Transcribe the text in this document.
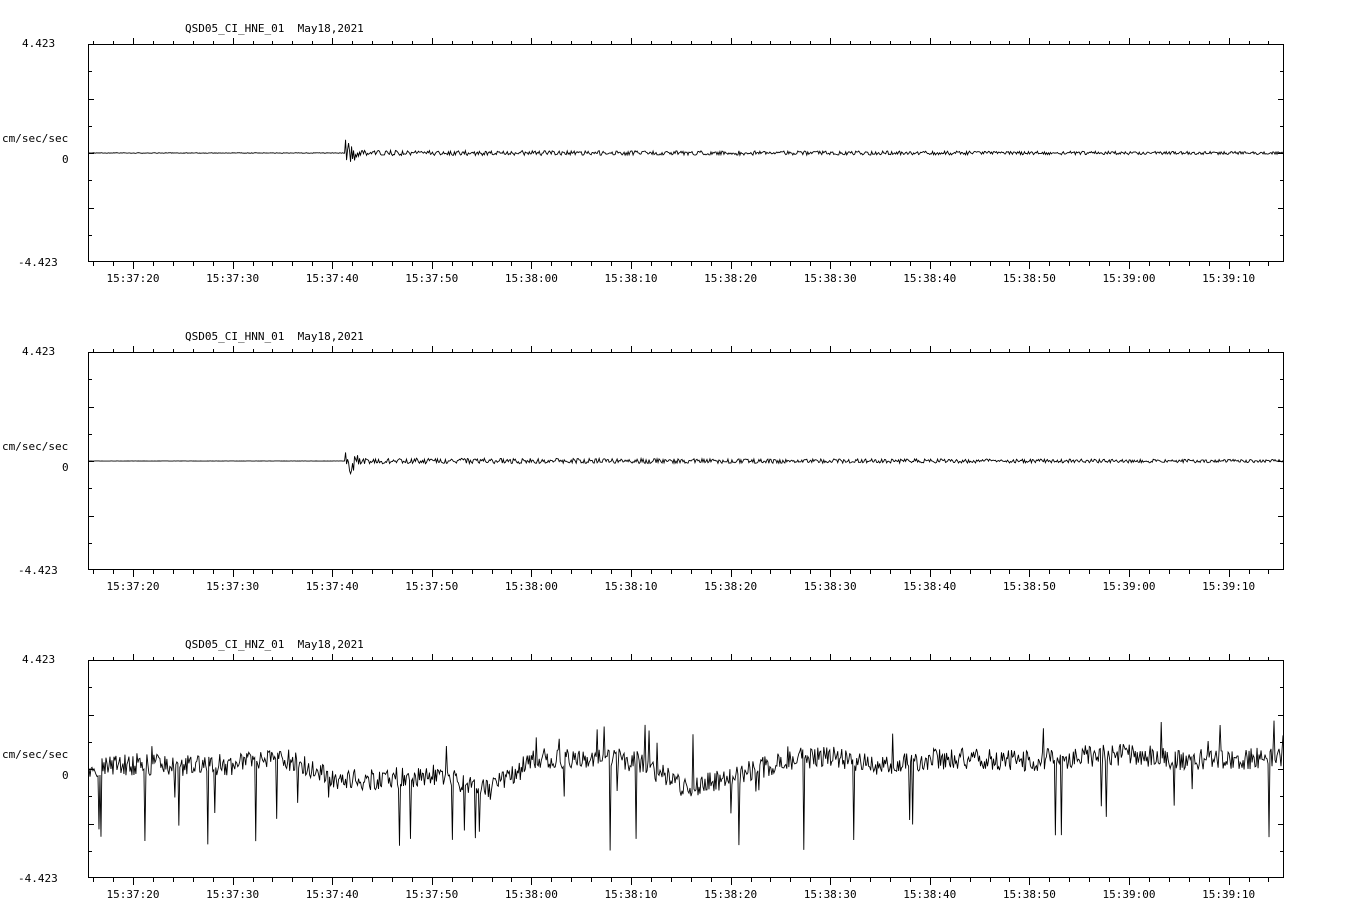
QSD05_CI_HNE_01  May18,2021
4.423
0
-4.423
cm/sec/sec
15:37:20	15:37:30	15:37:40	15:37:50	15:38:00	15:38:10	15:38:20	15:38:30	15:38:40	15:38:50	15:39:00	15:39:10
QSD05_CI_HNN_01  May18,2021
4.423
0
-4.423
cm/sec/sec
15:37:20	15:37:30	15:37:40	15:37:50	15:38:00	15:38:10	15:38:20	15:38:30	15:38:40	15:38:50	15:39:00	15:39:10
QSD05_CI_HNZ_01  May18,2021
4.423
0
-4.423
cm/sec/sec
15:37:20	15:37:30	15:37:40	15:37:50	15:38:00	15:38:10	15:38:20	15:38:30	15:38:40	15:38:50	15:39:00	15:39:10
